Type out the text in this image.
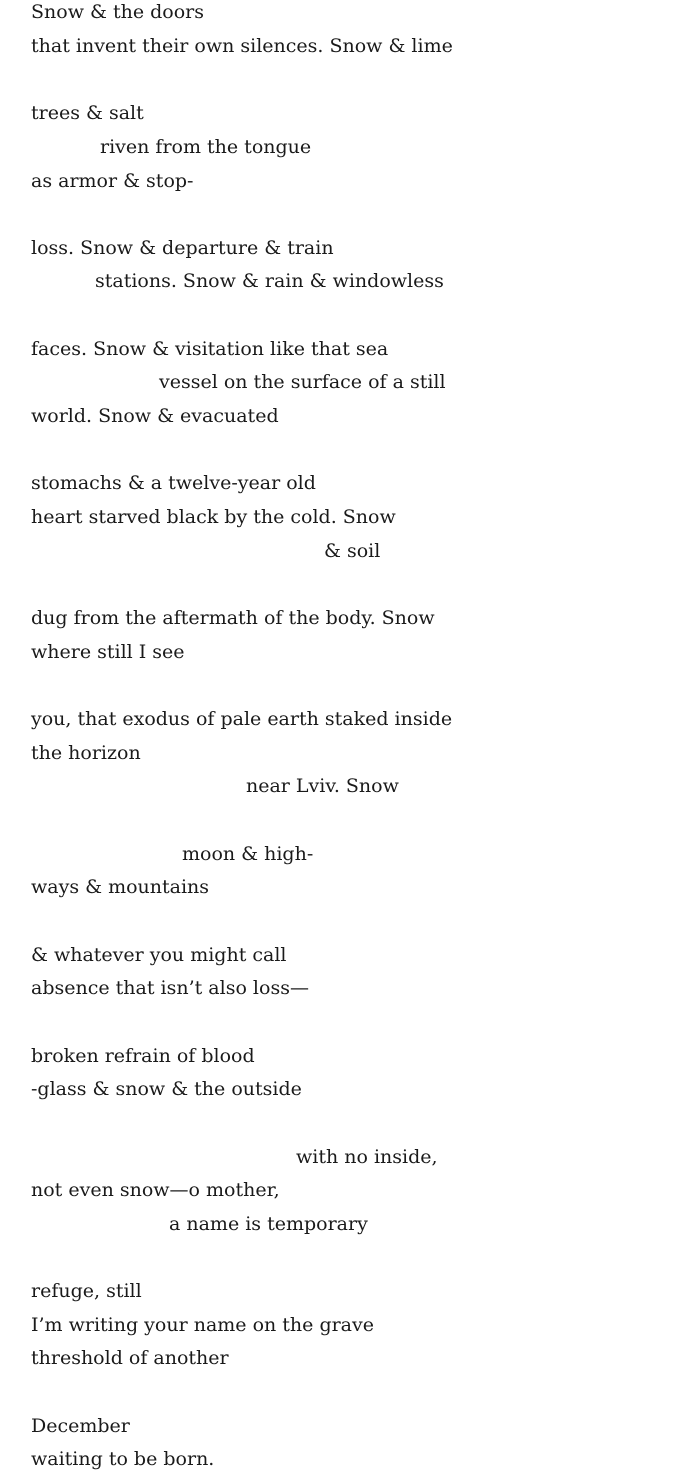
Snow & the doors
that invent their own silences. Snow & lime
trees & salt
riven from the tongue
as armor & stop-
loss. Snow & departure & train
stations. Snow & rain & windowless
faces. Snow & visitation like that sea
vessel on the surface of a still
world. Snow & evacuated
stomachs & a twelve-year old
heart starved black by the cold. Snow
& soil
dug from the aftermath of the body. Snow
where still I see
you, that exodus of pale earth staked inside
the horizon
near Lviv. Snow
moon & high-
ways & mountains
& whatever you might call
absence that isn’t also loss—
broken refrain of blood
-glass & snow & the outside
with no inside,
not even snow—o mother,
a name is temporary
refuge, still
I’m writing your name on the grave
threshold of another
December
waiting to be born.
